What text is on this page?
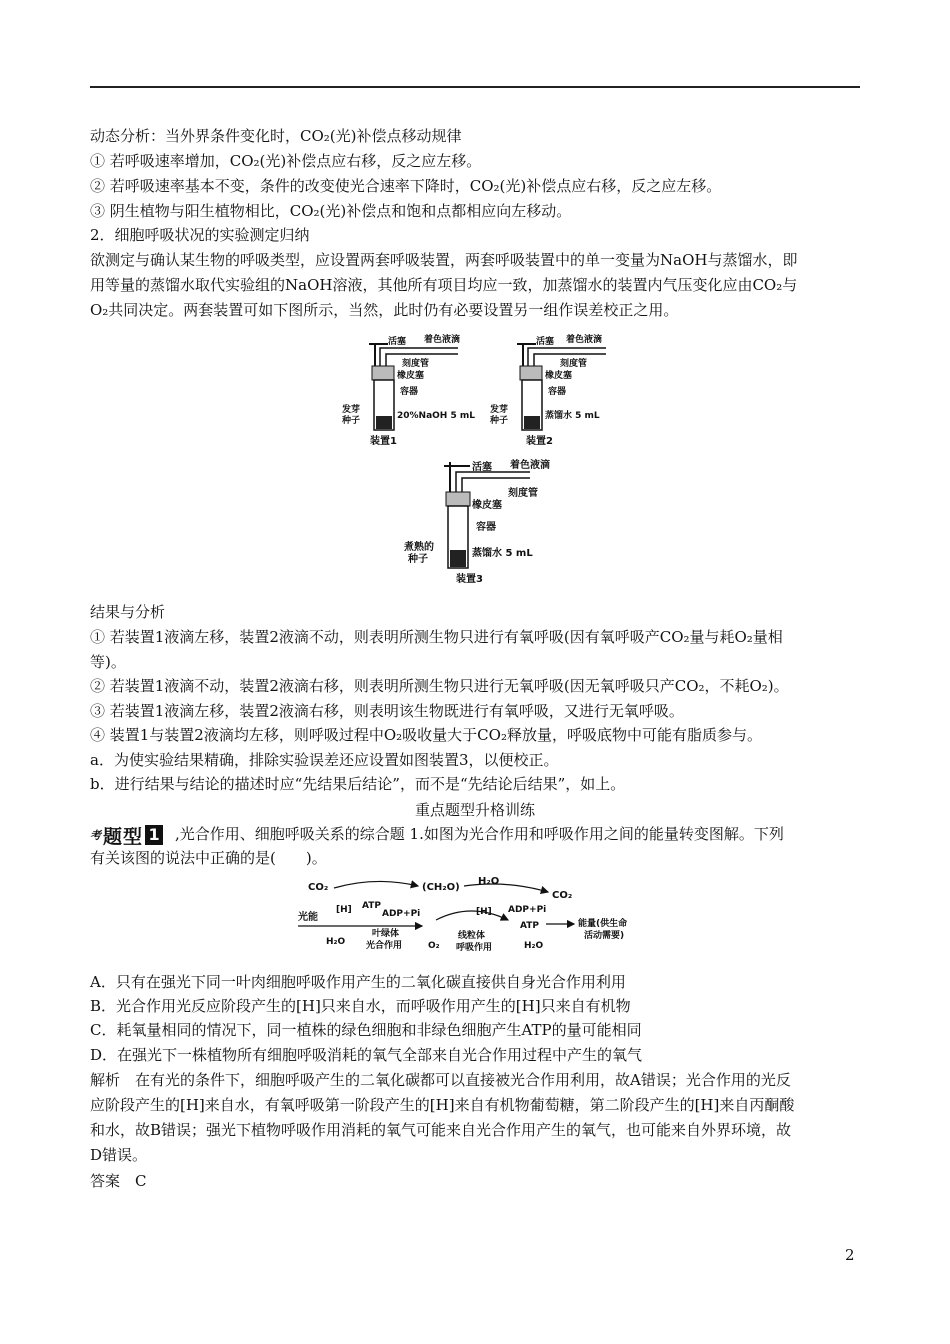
动态分析：当外界条件变化时，CO₂(光)补偿点移动规律
① 若呼吸速率增加，CO₂(光)补偿点应右移，反之应左移。
② 若呼吸速率基本不变，条件的改变使光合速率下降时，CO₂(光)补偿点应右移，反之应左移。
③ 阴生植物与阳生植物相比，CO₂(光)补偿点和饱和点都相应向左移动。
2．细胞呼吸状况的实验测定归纳
欲测定与确认某生物的呼吸类型，应设置两套呼吸装置，两套呼吸装置中的单一变量为NaOH与蒸馏水，即
用等量的蒸馏水取代实验组的NaOH溶液，其他所有项目均应一致，加蒸馏水的装置内气压变化应由CO₂与
O₂共同决定。两套装置可如下图所示，当然，此时仍有必要设置另一组作误差校正之用。
活塞 着色液滴
刻度管
橡皮塞
容器
发芽
种子	20%NaOH 5 mL
装置1
活塞 着色液滴
刻度管
橡皮塞
容器
发芽
种子	蒸馏水 5 mL
装置2
活塞 着色液滴
刻度管
橡皮塞
容器
煮熟的
种子
蒸馏水 5 mL
装置3
结果与分析
① 若装置1液滴左移，装置2液滴不动，则表明所测生物只进行有氧呼吸(因有氧呼吸产CO₂量与耗O₂量相
等)。
② 若装置1液滴不动，装置2液滴右移，则表明所测生物只进行无氧呼吸(因无氧呼吸只产CO₂，不耗O₂)。
③ 若装置1液滴左移，装置2液滴右移，则表明该生物既进行有氧呼吸，又进行无氧呼吸。
④ 装置1与装置2液滴均左移，则呼吸过程中O₂吸收量大于CO₂释放量，呼吸底物中可能有脂质参与。
a．为使实验结果精确，排除实验误差还应设置如图装置3，以便校正。
b．进行结果与结论的描述时应“先结果后结论”，而不是“先结论后结果”，如上。
重点题型升格训练
考 题型 1 ,光合作用、细胞呼吸关系的综合题 1.如图为光合作用和呼吸作用之间的能量转变图解。下列
有关该图的说法中正确的是(　　)。
CO₂	(CH₂O)
H₂O
CO₂
光能
[H] ATP
ADP+Pi
H₂O
叶绿体
光合作用	O₂
[H] ADP+Pi
ATP
线粒体
呼吸作用	H₂O
能量(供生命
活动需要)
A．只有在强光下同一叶肉细胞呼吸作用产生的二氧化碳直接供自身光合作用利用
B．光合作用光反应阶段产生的[H]只来自水，而呼吸作用产生的[H]只来自有机物
C．耗氧量相同的情况下，同一植株的绿色细胞和非绿色细胞产生ATP的量可能相同
D．在强光下一株植物所有细胞呼吸消耗的氧气全部来自光合作用过程中产生的氧气
解析　在有光的条件下，细胞呼吸产生的二氧化碳都可以直接被光合作用利用，故A错误；光合作用的光反
应阶段产生的[H]来自水，有氧呼吸第一阶段产生的[H]来自有机物葡萄糖，第二阶段产生的[H]来自丙酮酸
和水，故B错误；强光下植物呼吸作用消耗的氧气可能来自光合作用产生的氧气，也可能来自外界环境，故
D错误。
答案　C
2
